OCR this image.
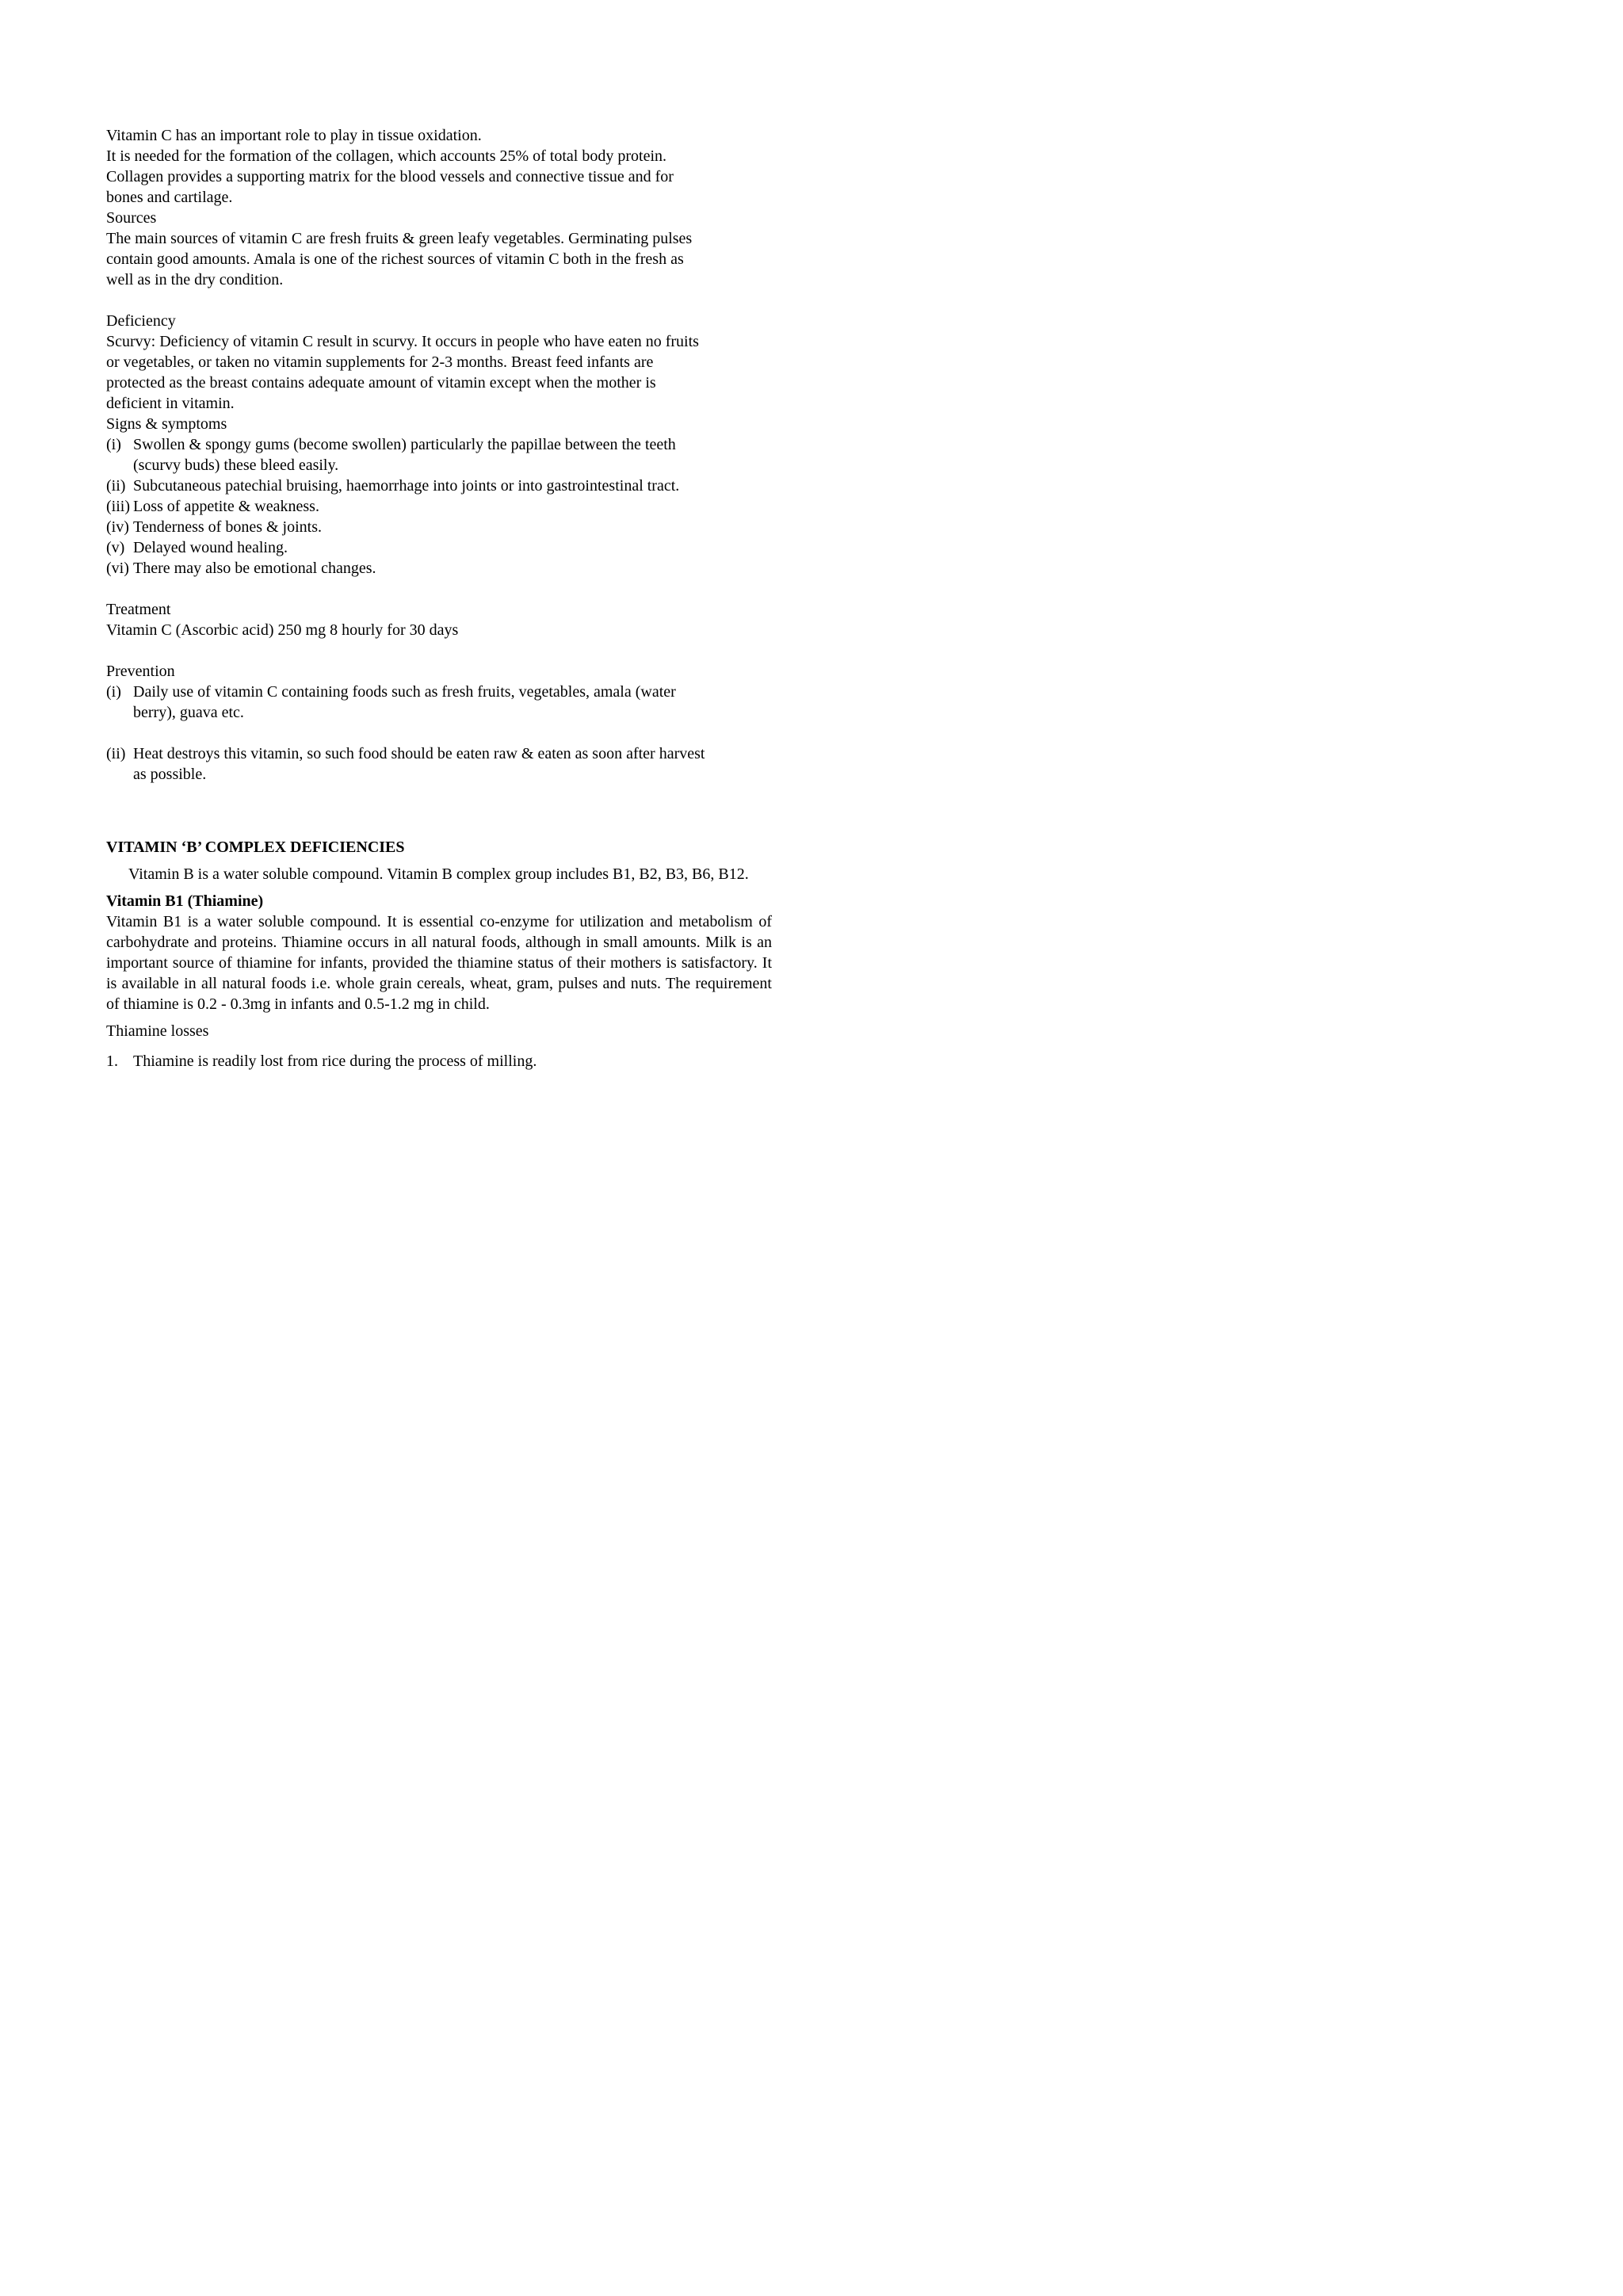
Vitamin C has an important role to play in tissue oxidation.
It is needed for the formation of the collagen, which accounts 25% of total body protein.
Collagen provides a supporting matrix for the blood vessels and connective tissue and for
bones and cartilage.
Sources
The main sources of vitamin C are fresh fruits & green leafy vegetables. Germinating pulses
contain good amounts. Amala is one of the richest sources of vitamin C both in the fresh as
well as in the dry condition.
Deficiency
Scurvy: Deficiency of vitamin C result in scurvy. It occurs in people who have eaten no fruits
or vegetables, or taken no vitamin supplements for 2-3 months. Breast feed infants are
protected as the breast contains adequate amount of vitamin except when the mother is
deficient in vitamin.
Signs & symptoms
(i) Swollen & spongy gums (become swollen) particularly the papillae between the teeth
(scurvy buds) these bleed easily.
(ii) Subcutaneous patechial bruising, haemorrhage into joints or into gastrointestinal tract.
(iii) Loss of appetite & weakness.
(iv) Tenderness of bones & joints.
(v) Delayed wound healing.
(vi) There may also be emotional changes.
Treatment
Vitamin C (Ascorbic acid) 250 mg 8 hourly for 30 days
Prevention
(i) Daily use of vitamin C containing foods such as fresh fruits, vegetables, amala (water
berry), guava etc.
(ii) Heat destroys this vitamin, so such food should be eaten raw & eaten as soon after harvest
as possible.
VITAMIN ‘B’ COMPLEX DEFICIENCIES
Vitamin B is a water soluble compound. Vitamin B complex group includes B1, B2, B3, B6, B12.
Vitamin B1 (Thiamine)
Vitamin B1 is a water soluble compound. It is essential co-enzyme for utilization and metabolism of carbohydrate and proteins. Thiamine occurs in all natural foods, although in small amounts. Milk is an important source of thiamine for infants, provided the thiamine status of their mothers is satisfactory. It is available in all natural foods i.e. whole grain cereals, wheat, gram, pulses and nuts. The requirement of thiamine is 0.2 - 0.3mg in infants and 0.5-1.2 mg in child.
Thiamine losses
1. Thiamine is readily lost from rice during the process of milling.
